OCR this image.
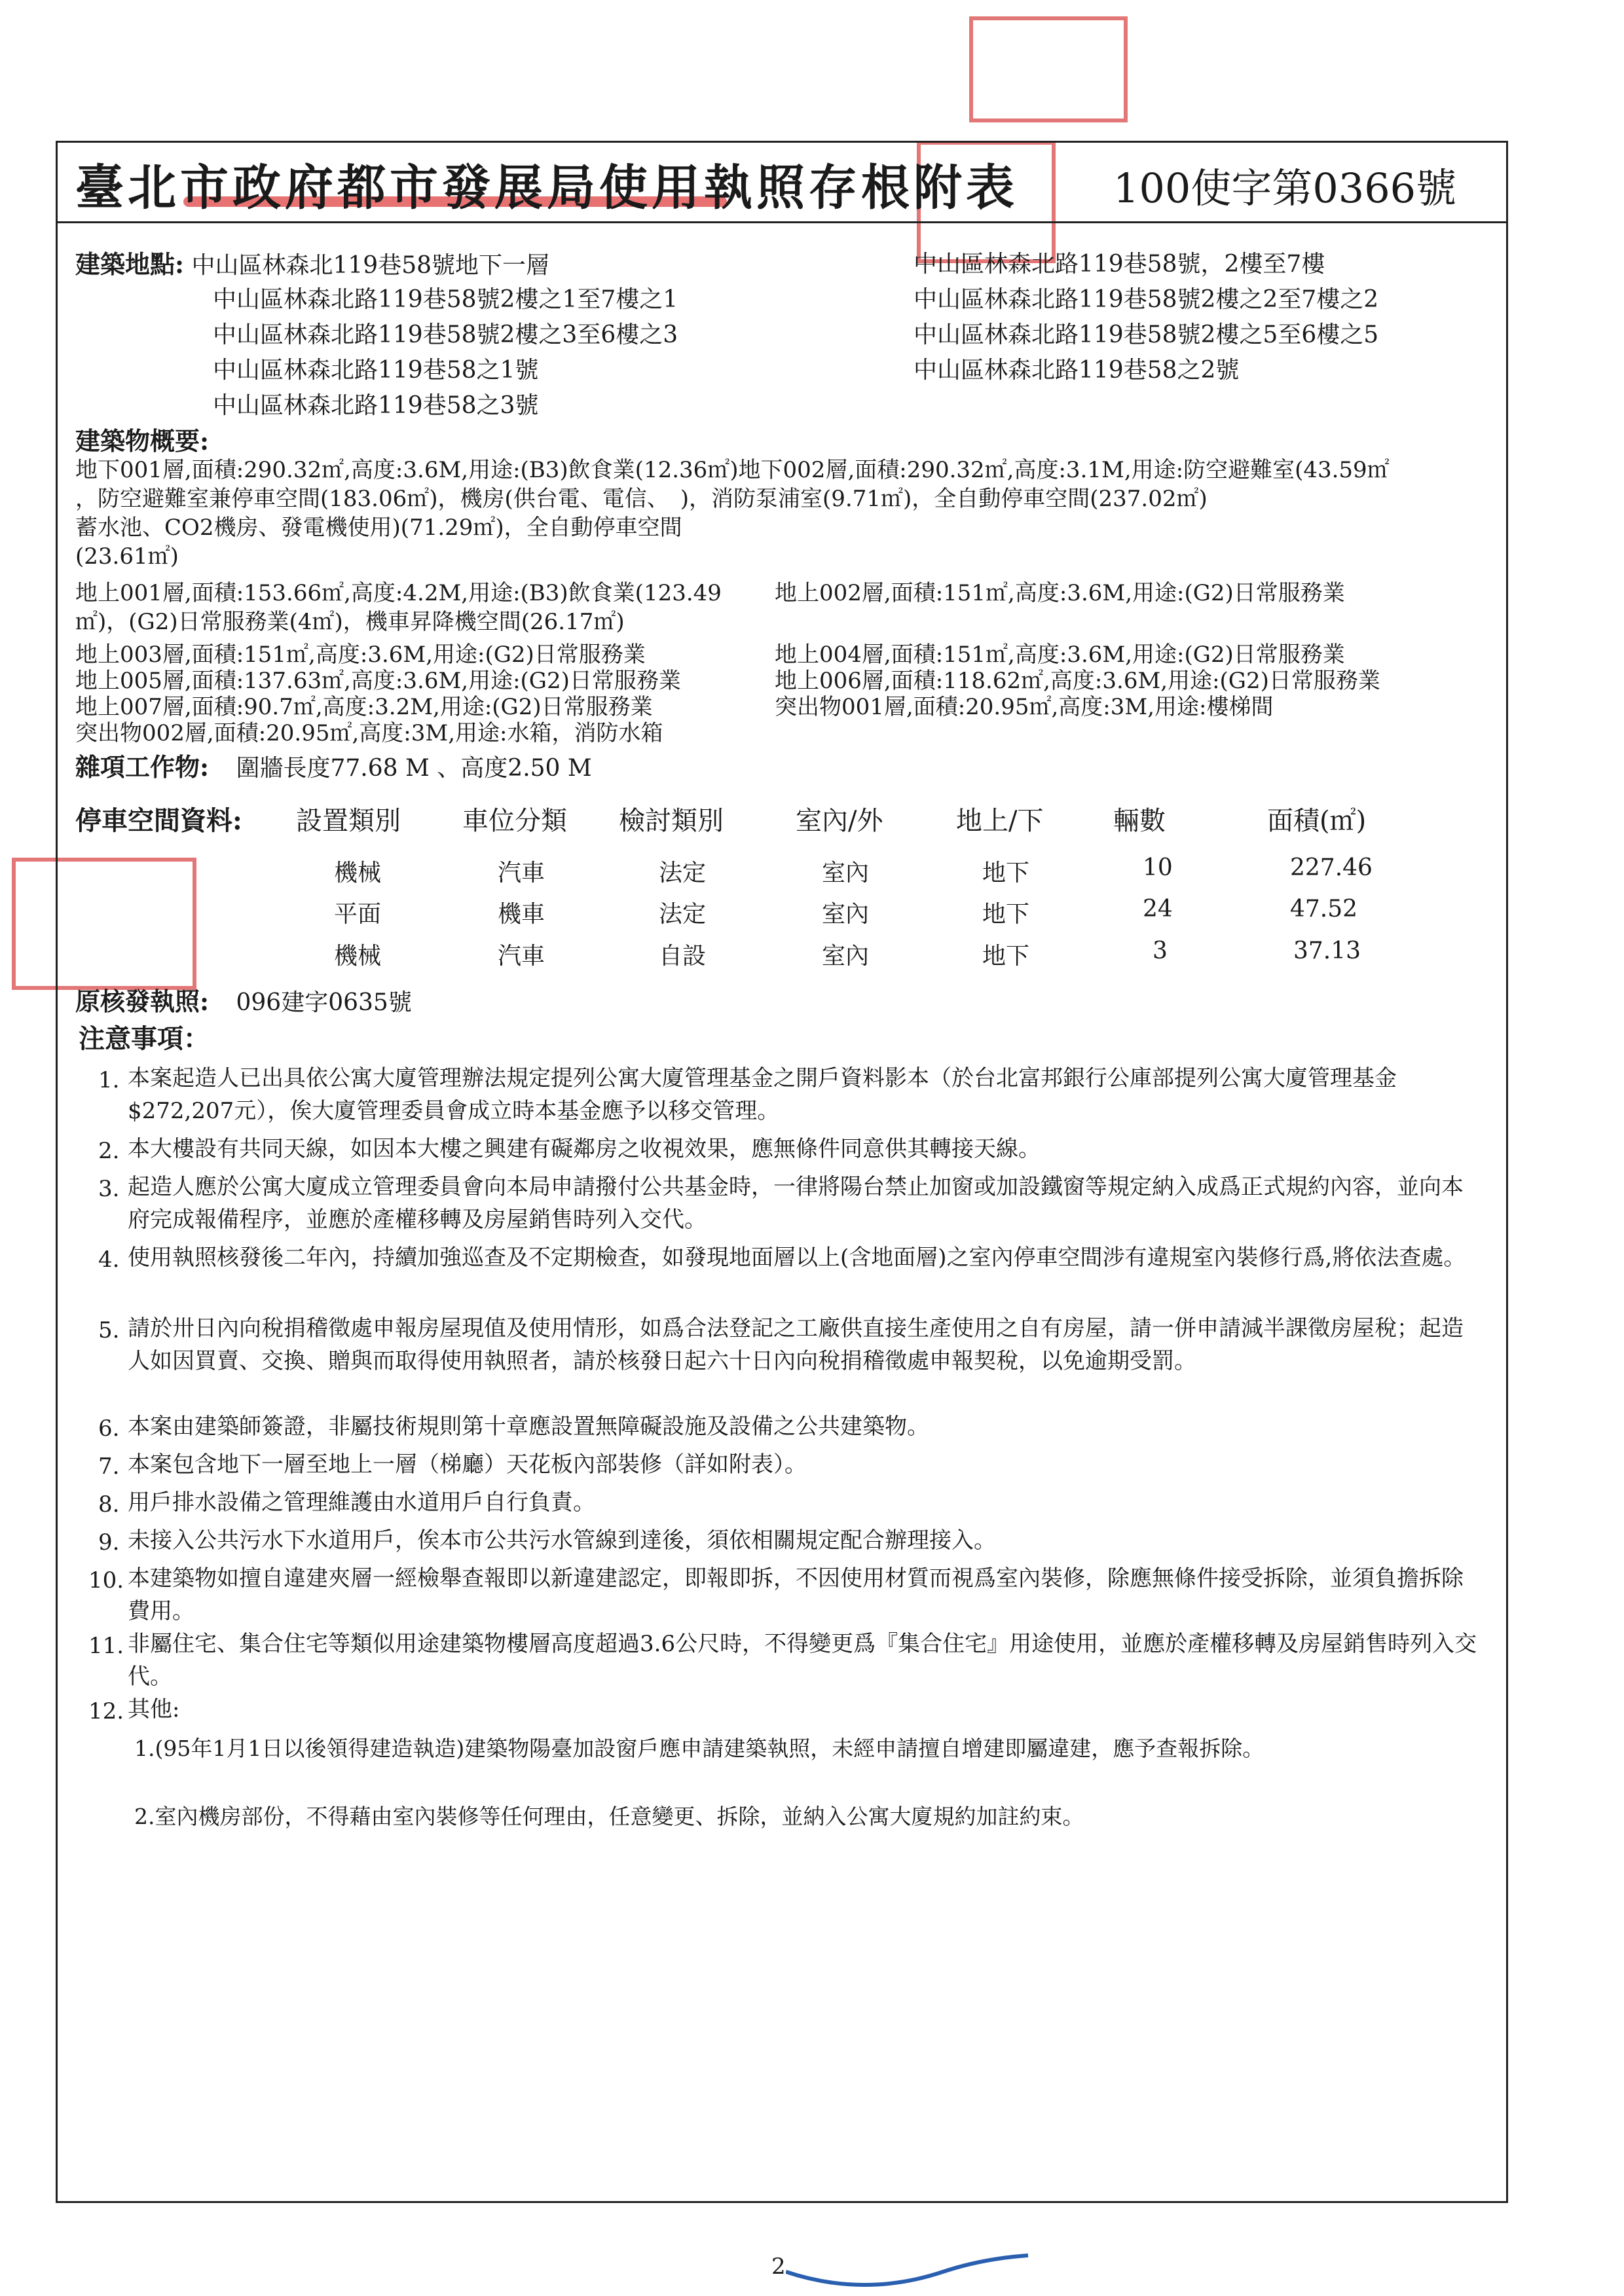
臺北市政府都市發展局使用執照存根附表 100使字第0366號
建築地點: 中山區林森北119巷58號地下一層
中山區林森北路119巷58號2樓之1至7樓之1
中山區林森北路119巷58號2樓之3至6樓之3
中山區林森北路119巷58之1號
中山區林森北路119巷58之3號
中山區林森北路119巷58號，2樓至7樓
中山區林森北路119巷58號2樓之2至7樓之2
中山區林森北路119巷58號2樓之5至6樓之5
中山區林森北路119巷58之2號
建築物概要:
地下001層,面積:290.32㎡,高度:3.6M,用途:(B3)飲食業(12.36㎡)地下002層,面積:290.32㎡,高度:3.1M,用途:防空避難室(43.59㎡
，防空避難室兼停車空間(183.06㎡)，機房(供台電、電信、　)，消防泵浦室(9.71㎡)，全自動停車空間(237.02㎡)
蓄水池、CO2機房、發電機使用)(71.29㎡)，全自動停車空間
(23.61㎡)
地上001層,面積:153.66㎡,高度:4.2M,用途:(B3)飲食業(123.49
㎡)，(G2)日常服務業(4㎡)，機車昇降機空間(26.17㎡)
地上003層,面積:151㎡,高度:3.6M,用途:(G2)日常服務業
地上005層,面積:137.63㎡,高度:3.6M,用途:(G2)日常服務業
地上007層,面積:90.7㎡,高度:3.2M,用途:(G2)日常服務業
突出物002層,面積:20.95㎡,高度:3M,用途:水箱，消防水箱
地上002層,面積:151㎡,高度:3.6M,用途:(G2)日常服務業
地上004層,面積:151㎡,高度:3.6M,用途:(G2)日常服務業
地上006層,面積:118.62㎡,高度:3.6M,用途:(G2)日常服務業
突出物001層,面積:20.95㎡,高度:3M,用途:樓梯間
雜項工作物: 圍牆長度77.68 M 、高度2.50 M
停車空間資料: 設置類別 車位分類 檢討類別	室內/外	地上/下	輛數	面積(㎡)
機械	汽車	法定	室內	地下	10	227.46
平面	機車	法定	室內	地下	24	47.52
機械	汽車	自設	室內	地下	3	37.13
原核發執照: 096建字0635號
注意事項：
1. 本案起造人已出具依公寓大廈管理辦法規定提列公寓大廈管理基金之開戶資料影本（於台北富邦銀行公庫部提列公寓大廈管理基金$272,207元），俟大廈管理委員會成立時本基金應予以移交管理。
2. 本大樓設有共同天線，如因本大樓之興建有礙鄰房之收視效果，應無條件同意供其轉接天線。
3. 起造人應於公寓大廈成立管理委員會向本局申請撥付公共基金時，一律將陽台禁止加窗或加設鐵窗等規定納入成爲正式規約內容，並向本府完成報備程序，並應於產權移轉及房屋銷售時列入交代。
4. 使用執照核發後二年內，持續加強巡查及不定期檢查，如發現地面層以上(含地面層)之室內停車空間涉有違規室內裝修行爲,將依法查處。
5. 請於卅日內向稅捐稽徵處申報房屋現值及使用情形，如爲合法登記之工廠供直接生產使用之自有房屋，請一併申請減半課徵房屋稅；起造人如因買賣、交換、贈與而取得使用執照者，請於核發日起六十日內向稅捐稽徵處申報契稅，以免逾期受罰。
6. 本案由建築師簽證，非屬技術規則第十章應設置無障礙設施及設備之公共建築物。
7. 本案包含地下一層至地上一層（梯廳）天花板內部裝修（詳如附表）。
8. 用戶排水設備之管理維護由水道用戶自行負責。
9. 未接入公共污水下水道用戶，俟本市公共污水管線到達後，須依相關規定配合辦理接入。
10. 本建築物如擅自違建夾層一經檢舉查報即以新違建認定，即報即拆，不因使用材質而視爲室內裝修，除應無條件接受拆除，並須負擔拆除費用。
11. 非屬住宅、集合住宅等類似用途建築物樓層高度超過3.6公尺時，不得變更爲『集合住宅』用途使用，並應於產權移轉及房屋銷售時列入交代。
12. 其他:
1.(95年1月1日以後領得建造執造)建築物陽臺加設窗戶應申請建築執照，未經申請擅自增建即屬違建，應予查報拆除。
2.室內機房部份，不得藉由室內裝修等任何理由，任意變更、拆除，並納入公寓大廈規約加註約束。
2
